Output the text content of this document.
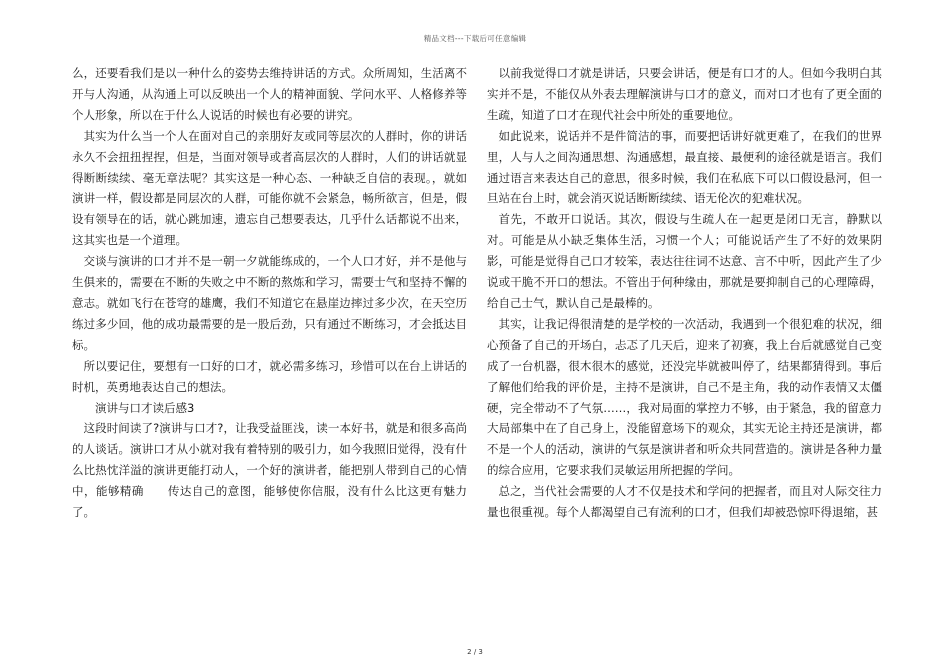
精品文档---下载后可任意编辑

么，还要看我们是以一种什么的姿势去维持讲话的方式。众所周知，生活离不开与人沟通，从沟通上可以反映出一个人的精神面貌、学问水平、人格修养等个人形象，所以在于什么人说话的时候也有必要的讲究。

其实为什么当一个人在面对自己的亲朋好友或同等层次的人群时，你的讲话永久不会扭扭捏捏，但是，当面对领导或者高层次的人群时，人们的讲话就显得断断续续、毫无章法呢？其实这是一种心态、一种缺乏自信的表现。，就如演讲一样，假设都是同层次的人群，可能你就不会紧急，畅所欲言，但是，假设有领导在的话，就心跳加速，遗忘自己想要表达，几乎什么话都说不出来，这其实也是一个道理。

交谈与演讲的口才并不是一朝一夕就能练成的，一个人口才好，并不是他与生俱来的，需要在不断的失败之中不断的熬炼和学习，需要士气和坚持不懈的意志。就如飞行在苍穹的雄鹰，我们不知道它在悬崖边摔过多少次，在天空历练过多少回，他的成功最需要的是一股后劲，只有通过不断练习，才会抵达目标。

所以要记住，要想有一口好的口才，就必需多练习，珍惜可以在台上讲话的时机，英勇地表达自己的想法。

演讲与口才读后感3

这段时间读了?演讲与口才?，让我受益匪浅，读一本好书，就是和很多高尚的人谈话。演讲口才从小就对我有着特别的吸引力，如今我照旧觉得，没有什么比热忱洋溢的演讲更能打动人，一个好的演讲者，能把别人带到自己的心情中，能够精确　　传达自己的意图，能够使你信服，没有什么比这更有魅力了。

以前我觉得口才就是讲话，只要会讲话，便是有口才的人。但如今我明白其实并不是，不能仅从外表去理解演讲与口才的意义，而对口才也有了更全面的生疏，知道了口才在现代社会中所处的重要地位。

如此说来，说话并不是件简洁的事，而要把话讲好就更难了，在我们的世界里，人与人之间沟通思想、沟通感想，最直接、最便利的途径就是语言。我们通过语言来表达自己的意思，很多时候，我们在私底下可以口假设悬河，但一旦站在台上时，就会消灭说话断断续续、语无伦次的犯难状况。

首先，不敢开口说话。其次，假设与生疏人在一起更是闭口无言，静默以对。可能是从小缺乏集体生活，习惯一个人；可能说话产生了不好的效果阴影，可能是觉得自己口才较笨，表达往往词不达意、言不中听，因此产生了少说或干脆不开口的想法。不管出于何种缘由，那就是要抑制自己的心理障碍，给自己士气，默认自己是最棒的。

其实，让我记得很清楚的是学校的一次活动，我遇到一个很犯难的状况，细心预备了自己的开场白，忐忑了几天后，迎来了初赛，我上台后就感觉自己变成了一台机器，很木很木的感觉，还没完毕就被叫停了，结果都猜得到。事后了解他们给我的评价是，主持不是演讲，自己不是主角，我的动作表情又太僵硬，完全带动不了气氛……，我对局面的掌控力不够，由于紧急，我的留意力大局部集中在了自己身上，没能留意场下的观众，其实无论主持还是演讲，都不是一个人的活动，演讲的气氛是演讲者和听众共同营造的。演讲是各种力量的综合应用，它要求我们灵敏运用所把握的学问。

总之，当代社会需要的人才不仅是技术和学问的把握者，而且对人际交往力量也很重视。每个人都渴望自己有流利的口才，但我们却被恐惊吓得退缩，甚

2 / 3
